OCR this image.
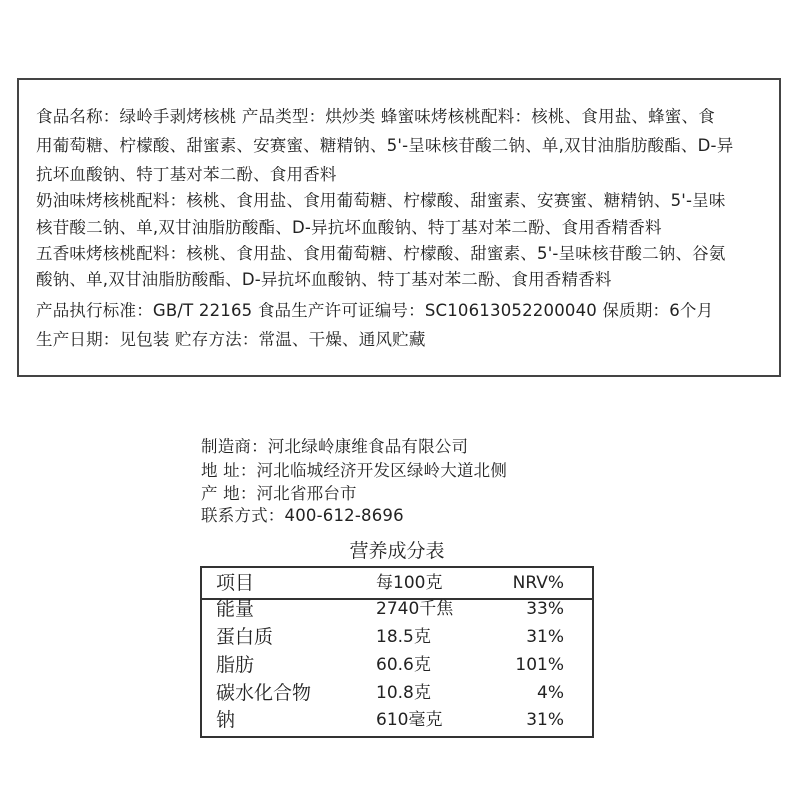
食品名称：绿岭手剥烤核桃 产品类型：烘炒类 蜂蜜味烤核桃配料：核桃、食用盐、蜂蜜、食
用葡萄糖、柠檬酸、甜蜜素、安赛蜜、糖精钠、5'-呈味核苷酸二钠、单,双甘油脂肪酸酯、D-异
抗坏血酸钠、特丁基对苯二酚、食用香料
奶油味烤核桃配料：核桃、食用盐、食用葡萄糖、柠檬酸、甜蜜素、安赛蜜、糖精钠、5'-呈味
核苷酸二钠、单,双甘油脂肪酸酯、D-异抗坏血酸钠、特丁基对苯二酚、食用香精香料
五香味烤核桃配料：核桃、食用盐、食用葡萄糖、柠檬酸、甜蜜素、5'-呈味核苷酸二钠、谷氨
酸钠、单,双甘油脂肪酸酯、D-异抗坏血酸钠、特丁基对苯二酚、食用香精香料
产品执行标准：GB/T 22165 食品生产许可证编号：SC10613052200040 保质期：6个月
生产日期：见包装 贮存方法：常温、干燥、通风贮藏
制造商：河北绿岭康维食品有限公司
地 址：河北临城经济开发区绿岭大道北侧
产 地：河北省邢台市
联系方式：400-612-8696
营养成分表
项目	每100克	NRV%
能量	2740千焦	33%
蛋白质	18.5克	31%
脂肪	60.6克	101%
碳水化合物	10.8克	4%
钠	610毫克	31%
